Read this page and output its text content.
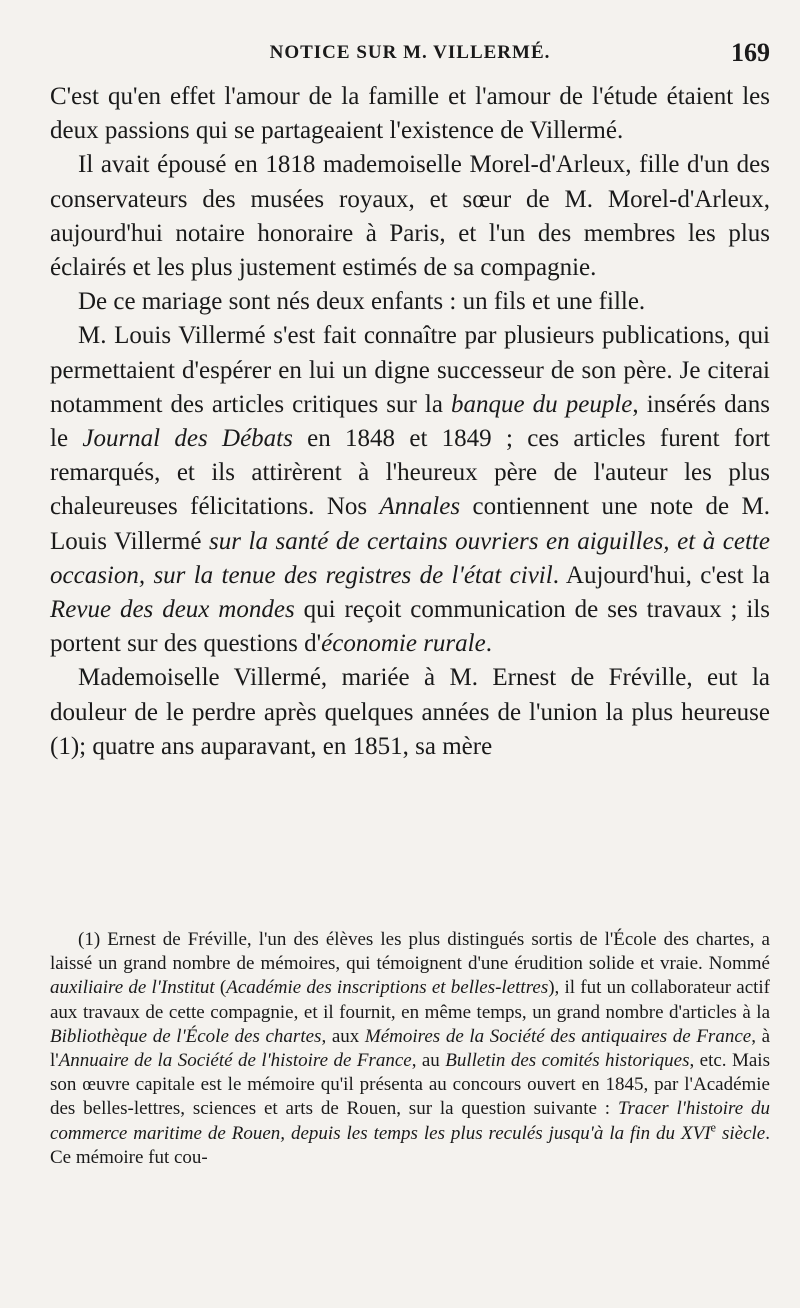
NOTICE SUR M. VILLERMÉ.	169

C'est qu'en effet l'amour de la famille et l'amour de l'étude étaient les deux passions qui se partageaient l'existence de Villermé.

Il avait épousé en 1818 mademoiselle Morel-d'Arleux, fille d'un des conservateurs des musées royaux, et sœur de M. Morel-d'Arleux, aujourd'hui notaire honoraire à Paris, et l'un des membres les plus éclairés et les plus justement estimés de sa compagnie.

De ce mariage sont nés deux enfants : un fils et une fille.

M. Louis Villermé s'est fait connaître par plusieurs publications, qui permettaient d'espérer en lui un digne successeur de son père. Je citerai notamment des articles critiques sur la banque du peuple, insérés dans le Journal des Débats en 1848 et 1849 ; ces articles furent fort remarqués, et ils attirèrent à l'heureux père de l'auteur les plus chaleureuses félicitations. Nos Annales contiennent une note de M. Louis Villermé sur la santé de certains ouvriers en aiguilles, et à cette occasion, sur la tenue des registres de l'état civil. Aujourd'hui, c'est la Revue des deux mondes qui reçoit communication de ses travaux ; ils portent sur des questions d'économie rurale.

Mademoiselle Villermé, mariée à M. Ernest de Fréville, eut la douleur de le perdre après quelques années de l'union la plus heureuse (1); quatre ans auparavant, en 1851, sa mère

(1) Ernest de Fréville, l'un des élèves les plus distingués sortis de l'École des chartes, a laissé un grand nombre de mémoires, qui témoignent d'une érudition solide et vraie. Nommé auxiliaire de l'Institut (Académie des inscriptions et belles-lettres), il fut un collaborateur actif aux travaux de cette compagnie, et il fournit, en même temps, un grand nombre d'articles à la Bibliothèque de l'École des chartes, aux Mémoires de la Société des antiquaires de France, à l'Annuaire de la Société de l'histoire de France, au Bulletin des comités historiques, etc. Mais son œuvre capitale est le mémoire qu'il présenta au concours ouvert en 1845, par l'Académie des belles-lettres, sciences et arts de Rouen, sur la question suivante : Tracer l'histoire du commerce maritime de Rouen, depuis les temps les plus reculés jusqu'à la fin du XVIe siècle. Ce mémoire fut cou-
